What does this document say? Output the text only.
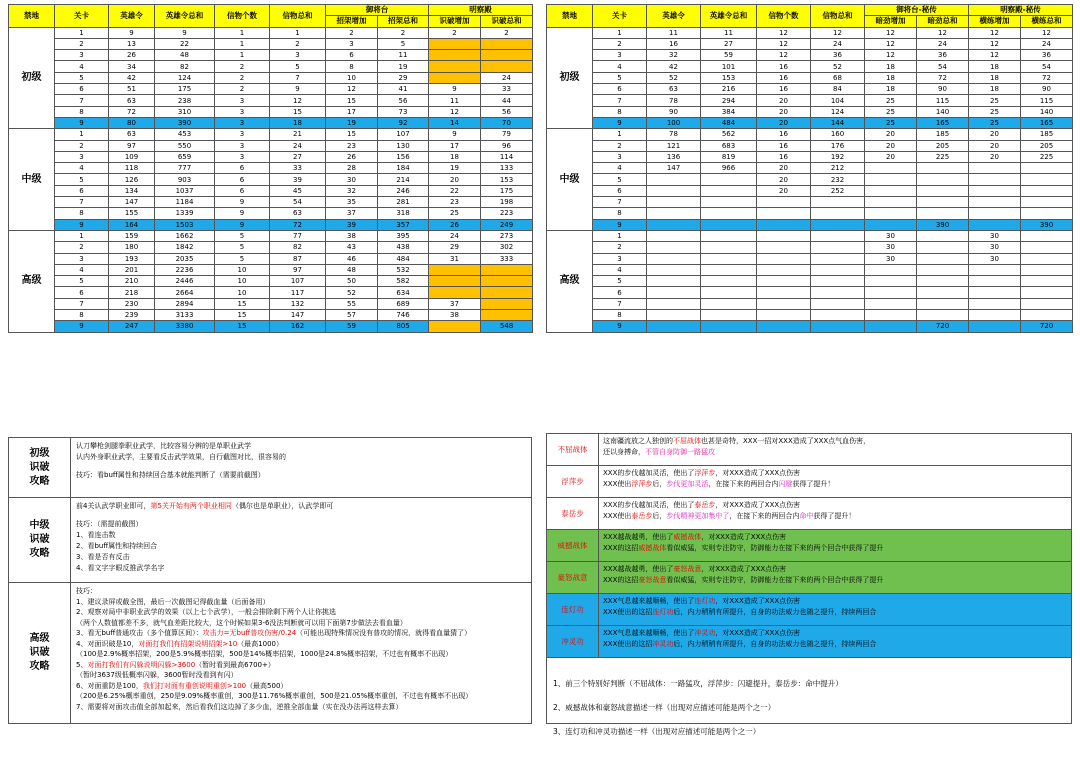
禁地	关卡	英雄令	英雄令总和	信物个数	信物总和	御将台		明察殿	
						招架增加	招架总和	识破增加	识破总和
初级	1	9	9	1	1	2	2	2	2
	2	13	22	1	2	3	5		
	3	26	48	1	3	6	11		
	4	34	82	2	5	8	19		
	5	42	124	2	7	10	29		24
	6	51	175	2	9	12	41	9	33
	7	63	238	3	12	15	56	11	44
	8	72	310	3	15	17	73	12	56
	9	80	390	3	18	19	92	14	70
中级	1	63	453	3	21	15	107	9	79
	2	97	550	3	24	23	130	17	96
	3	109	659	3	27	26	156	18	114
	4	118	777	6	33	28	184	19	133
	5	126	903	6	39	30	214	20	153
	6	134	1037	6	45	32	246	22	175
	7	147	1184	9	54	35	281	23	198
	8	155	1339	9	63	37	318	25	223
	9	164	1503	9	72	39	357	26	249
高级	1	159	1662	5	77	38	395	24	273
	2	180	1842	5	82	43	438	29	302
	3	193	2035	5	87	46	484	31	333
	4	201	2236	10	97	48	532		
	5	210	2446	10	107	50	582		
	6	218	2664	10	117	52	634		
	7	230	2894	15	132	55	689	37	
	8	239	3133	15	147	57	746	38	
	9	247	3380	15	162	59	805		548
禁地	关卡	英雄令	英雄令总和	信物个数	信物总和	御将台-秘传		明察殿-秘传	
						暗劲增加	暗劲总和	横练增加	横练总和
初级	1	11	11	12	12	12	12	12	12
	2	16	27	12	24	12	24	12	24
	3	32	59	12	36	12	36	12	36
	4	42	101	16	52	18	54	18	54
	5	52	153	16	68	18	72	18	72
	6	63	216	16	84	18	90	18	90
	7	78	294	20	104	25	115	25	115
	8	90	384	20	124	25	140	25	140
	9	100	484	20	144	25	165	25	165
中级	1	78	562	16	160	20	185	20	185
	2	121	683	16	176	20	205	20	205
	3	136	819	16	192	20	225	20	225
	4	147	966	20	212				
	5			20	232				
	6			20	252				
	7								
	8								
	9						390		390
高级	1					30		30	
	2					30		30	
	3					30		30	
	4								
	5								
	6								
	7								
	8								
	9						720		720
初级
识破
攻略
认刀攀枪剑腿拳职业武学，比较容易分辨的是单职业武学
认内外身职业武学，主要看反击武学效果，自行截图对比，很容易的
技巧：看buff属性和持续回合基本就能判断了（需要前截图）
中级
识破
攻略
前4关认武学职业即可，第5关开始有两个职业相同（偶尔也是单职业），认武学即可
技巧：（需提前截图）
1、看连击数
2、看buff属性和持续回合
3、看是否有反击
4、看文字字眼反推武学名字
高级
识破
攻略
技巧：
1、建议录屏或截全图，最后一次截图记得截血量（后面备用）
2、观察对局中非职业武学的效果（以上七个武学），一般会排除剩下两个人让你挑选
（两个人数值都差不多，就气血差距比较大，这个时候如果3-6没法判断就可以用下面第7步做法去看血量）
3、看无buff普通攻击（多个值算区间）：攻击力=无buff普攻伤害/0.24（可能出现特殊情况没有普攻的情况，就得看血量猜了）
4、对面识破是10，对面打我们有招架说明招架>10（最高1000）
（100是2.9%概率招架，200是5.9%概率招架，500是14%概率招架，1000是24.8%概率招架，不过也有概率不出现）
5、对面打我们有闪躲说明闪躲>3600（暂时看到最高6700+）
（暂时3637级低概率闪躲，3600暂时没看到有闪）
6、对面重防是100，我们打对面有重创说明重创>100（最高500）
（200是6.25%概率重创，250是9.09%概率重创，300是11.76%概率重创，500是21.05%概率重创，不过也有概率不出现）
7、需要将对面攻击值全部加起来，然后看我们这边掉了多少血，逆推全部血量（实在没办法再这样去算）
不屈战体
这南疆流放之人独创的不屈战体也甚是奇特，XXX一招对XXX造成了XXX点气血伤害，
还以身搏命，不管自身防御一路猛攻
浮萍步
XXX的步伐越加灵活，使出了浮萍步，对XXX造成了XXX点伤害
XXX使出浮萍步后，步伐更加灵活，在接下来的两回合内闪避获得了提升！
泰岳步
XXX的步伐越加灵活，使出了泰岳步，对XXX造成了XXX点伤害
XXX使出泰岳步后，步伐精神更加集中了，在接下来的两回合内命中获得了提升！
威撼战体
XXX越战越勇，使出了威撼战体，对XXX造成了XXX点伤害
XXX的这招威撼战体看似威猛，实则专注防守，防御能力在接下来的两个回合中获得了提升
豪怒战意
XXX越战越勇，使出了豪怒战意，对XXX造成了XXX点伤害
XXX的这招豪怒战意看似威猛，实则专注防守，防御能力在接下来的两个回合中获得了提升
连灯功
XXX气息越来越顺畅，使出了连灯功，对XXX造成了XXX点伤害
XXX使出的这招连灯功后，内力稍稍有所提升，自身的功法威力也随之提升，持续两回合
冲灵功
XXX气息越来越顺畅，使出了冲灵功，对XXX造成了XXX点伤害
XXX使出的这招冲灵功后，内力稍稍有所提升，自身的功法威力也随之提升，持续两回合
1、前三个特别好判断（不屈战体：一路猛攻，浮萍步：闪避提升，泰岳步：命中提升）
2、威撼战体和豪怒战意描述一样（出现对应描述可能是两个之一）
3、连灯功和冲灵功描述一样（出现对应描述可能是两个之一）
